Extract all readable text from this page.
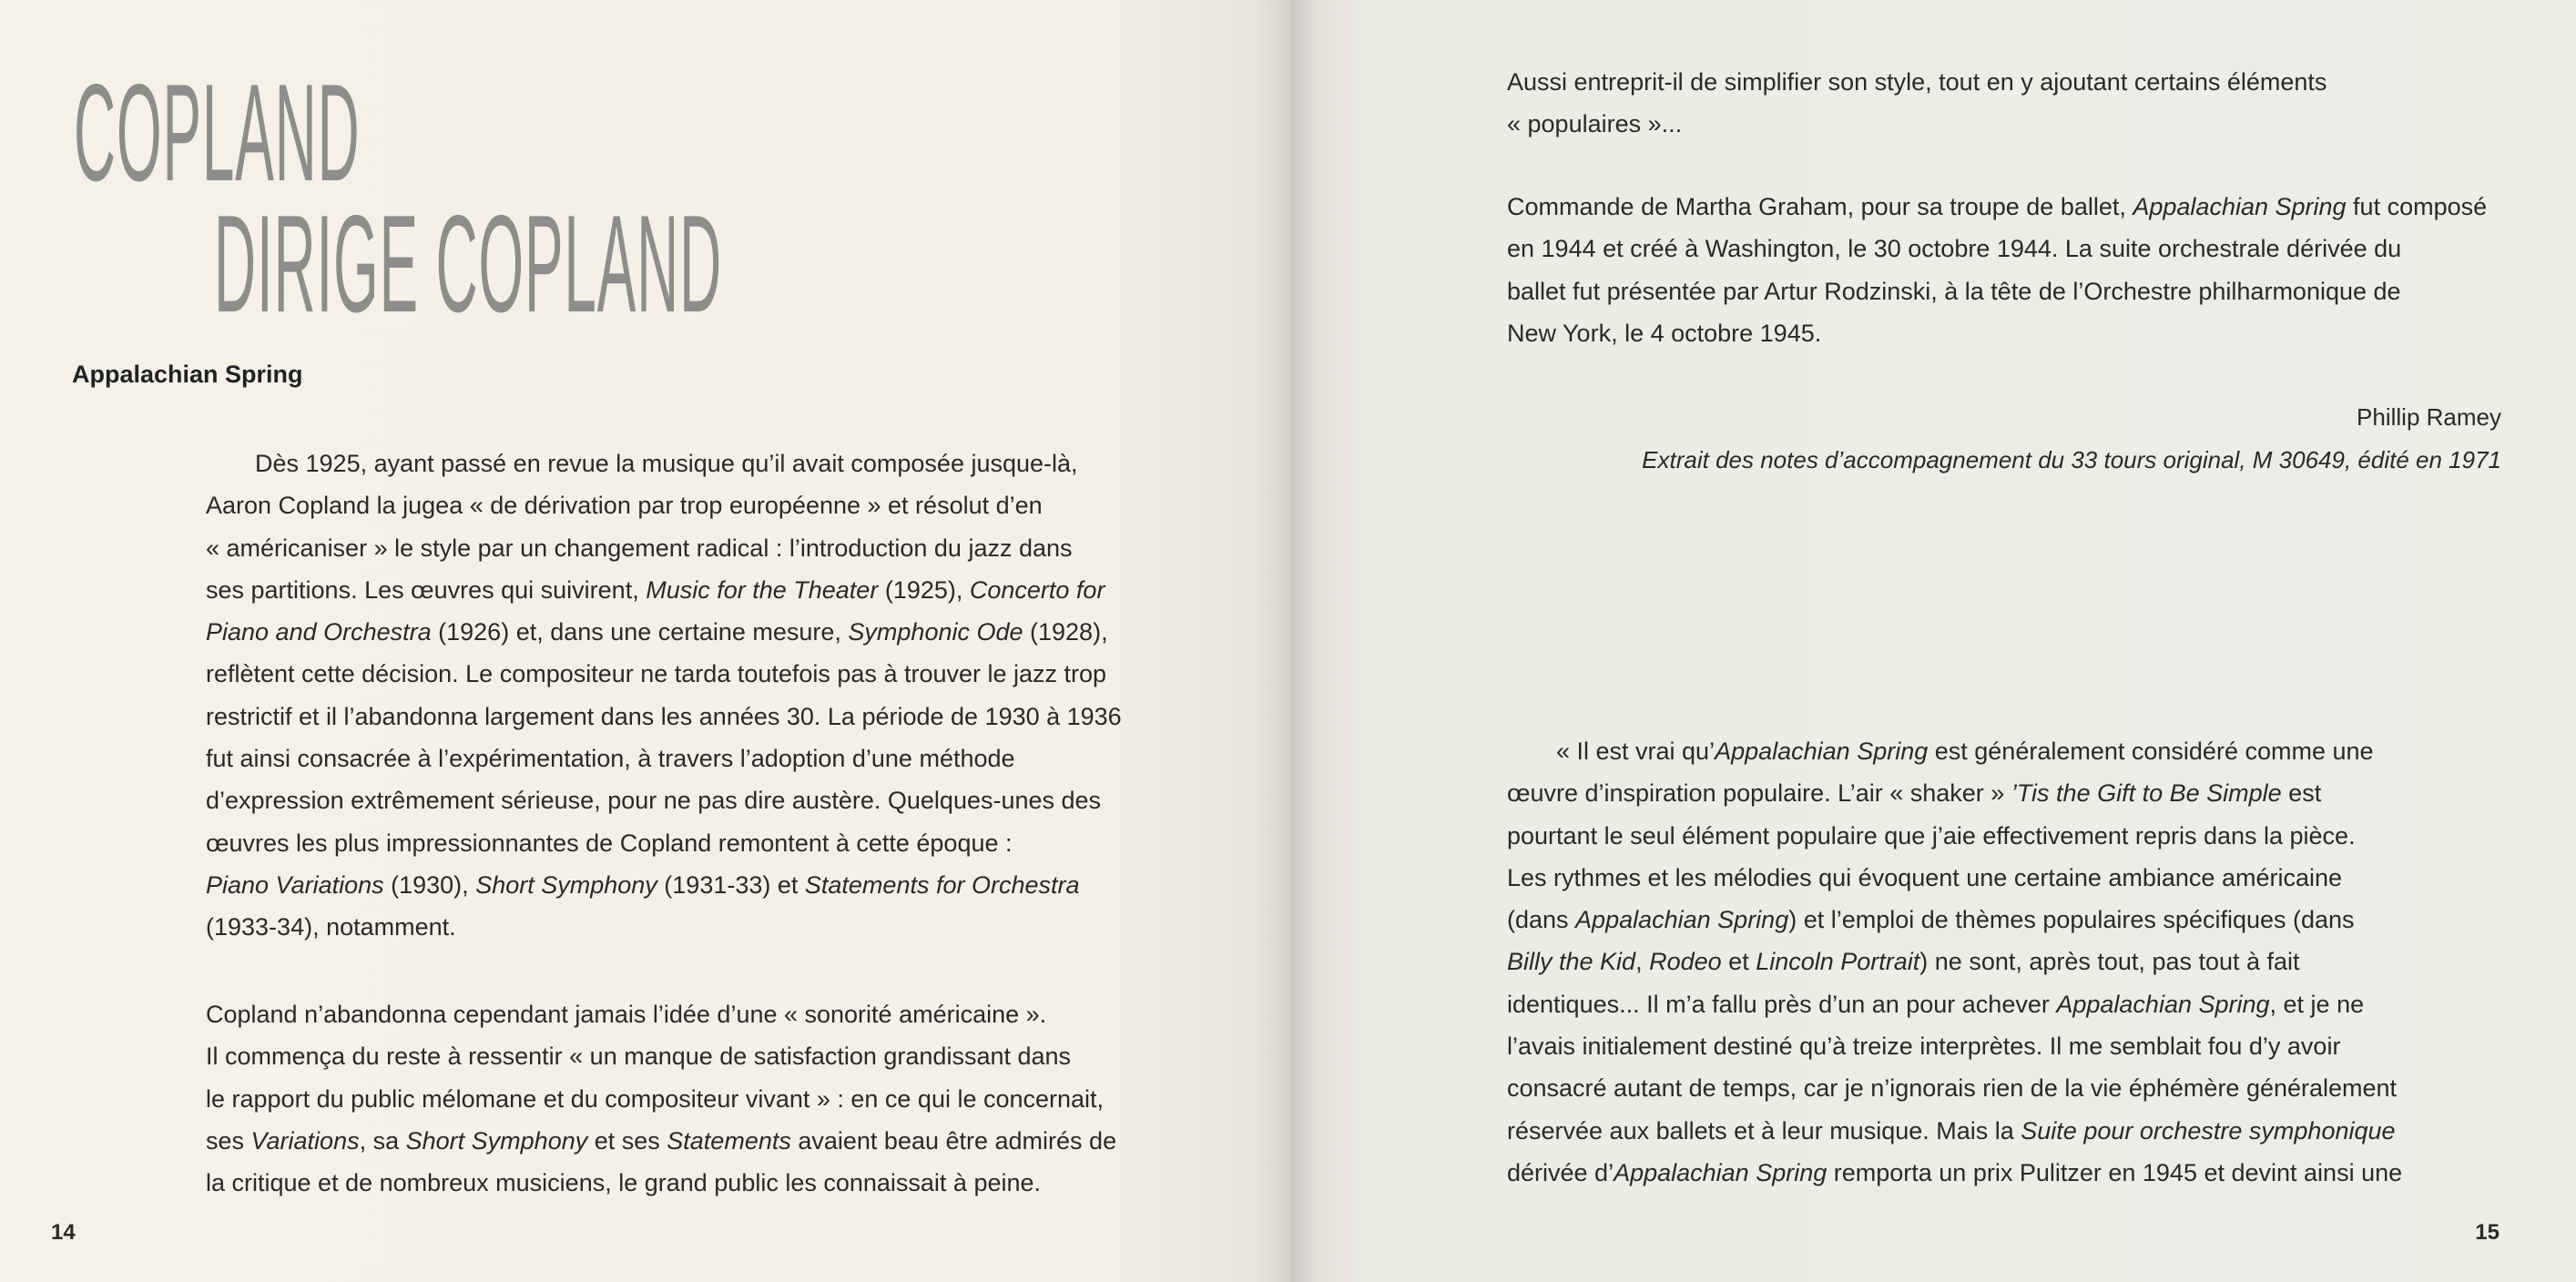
COPLAND
DIRIGE COPLAND
Appalachian Spring
Dès 1925, ayant passé en revue la musique qu’il avait composée jusque-là,
Aaron Copland la jugea « de dérivation par trop européenne » et résolut d’en
« américaniser » le style par un changement radical : l’introduction du jazz dans
ses partitions. Les œuvres qui suivirent, Music for the Theater (1925), Concerto for
Piano and Orchestra (1926) et, dans une certaine mesure, Symphonic Ode (1928),
reflètent cette décision. Le compositeur ne tarda toutefois pas à trouver le jazz trop
restrictif et il l’abandonna largement dans les années 30. La période de 1930 à 1936
fut ainsi consacrée à l’expérimentation, à travers l’adoption d’une méthode
d’expression extrêmement sérieuse, pour ne pas dire austère. Quelques-unes des
œuvres les plus impressionnantes de Copland remontent à cette époque :
Piano Variations (1930), Short Symphony (1931-33) et Statements for Orchestra
(1933-34), notamment.
Copland n’abandonna cependant jamais l’idée d’une « sonorité américaine ».
Il commença du reste à ressentir « un manque de satisfaction grandissant dans
le rapport du public mélomane et du compositeur vivant » : en ce qui le concernait,
ses Variations, sa Short Symphony et ses Statements avaient beau être admirés de
la critique et de nombreux musiciens, le grand public les connaissait à peine.
14
Aussi entreprit-il de simplifier son style, tout en y ajoutant certains éléments
« populaires »...
Commande de Martha Graham, pour sa troupe de ballet, Appalachian Spring fut composé
en 1944 et créé à Washington, le 30 octobre 1944. La suite orchestrale dérivée du
ballet fut présentée par Artur Rodzinski, à la tête de l’Orchestre philharmonique de
New York, le 4 octobre 1945.
Phillip Ramey
Extrait des notes d’accompagnement du 33 tours original, M 30649, édité en 1971
« Il est vrai qu’Appalachian Spring est généralement considéré comme une
œuvre d’inspiration populaire. L’air « shaker » ’Tis the Gift to Be Simple est
pourtant le seul élément populaire que j’aie effectivement repris dans la pièce.
Les rythmes et les mélodies qui évoquent une certaine ambiance américaine
(dans Appalachian Spring) et l’emploi de thèmes populaires spécifiques (dans
Billy the Kid, Rodeo et Lincoln Portrait) ne sont, après tout, pas tout à fait
identiques... Il m’a fallu près d’un an pour achever Appalachian Spring, et je ne
l’avais initialement destiné qu’à treize interprètes. Il me semblait fou d’y avoir
consacré autant de temps, car je n’ignorais rien de la vie éphémère généralement
réservée aux ballets et à leur musique. Mais la Suite pour orchestre symphonique
dérivée d’Appalachian Spring remporta un prix Pulitzer en 1945 et devint ainsi une
15
